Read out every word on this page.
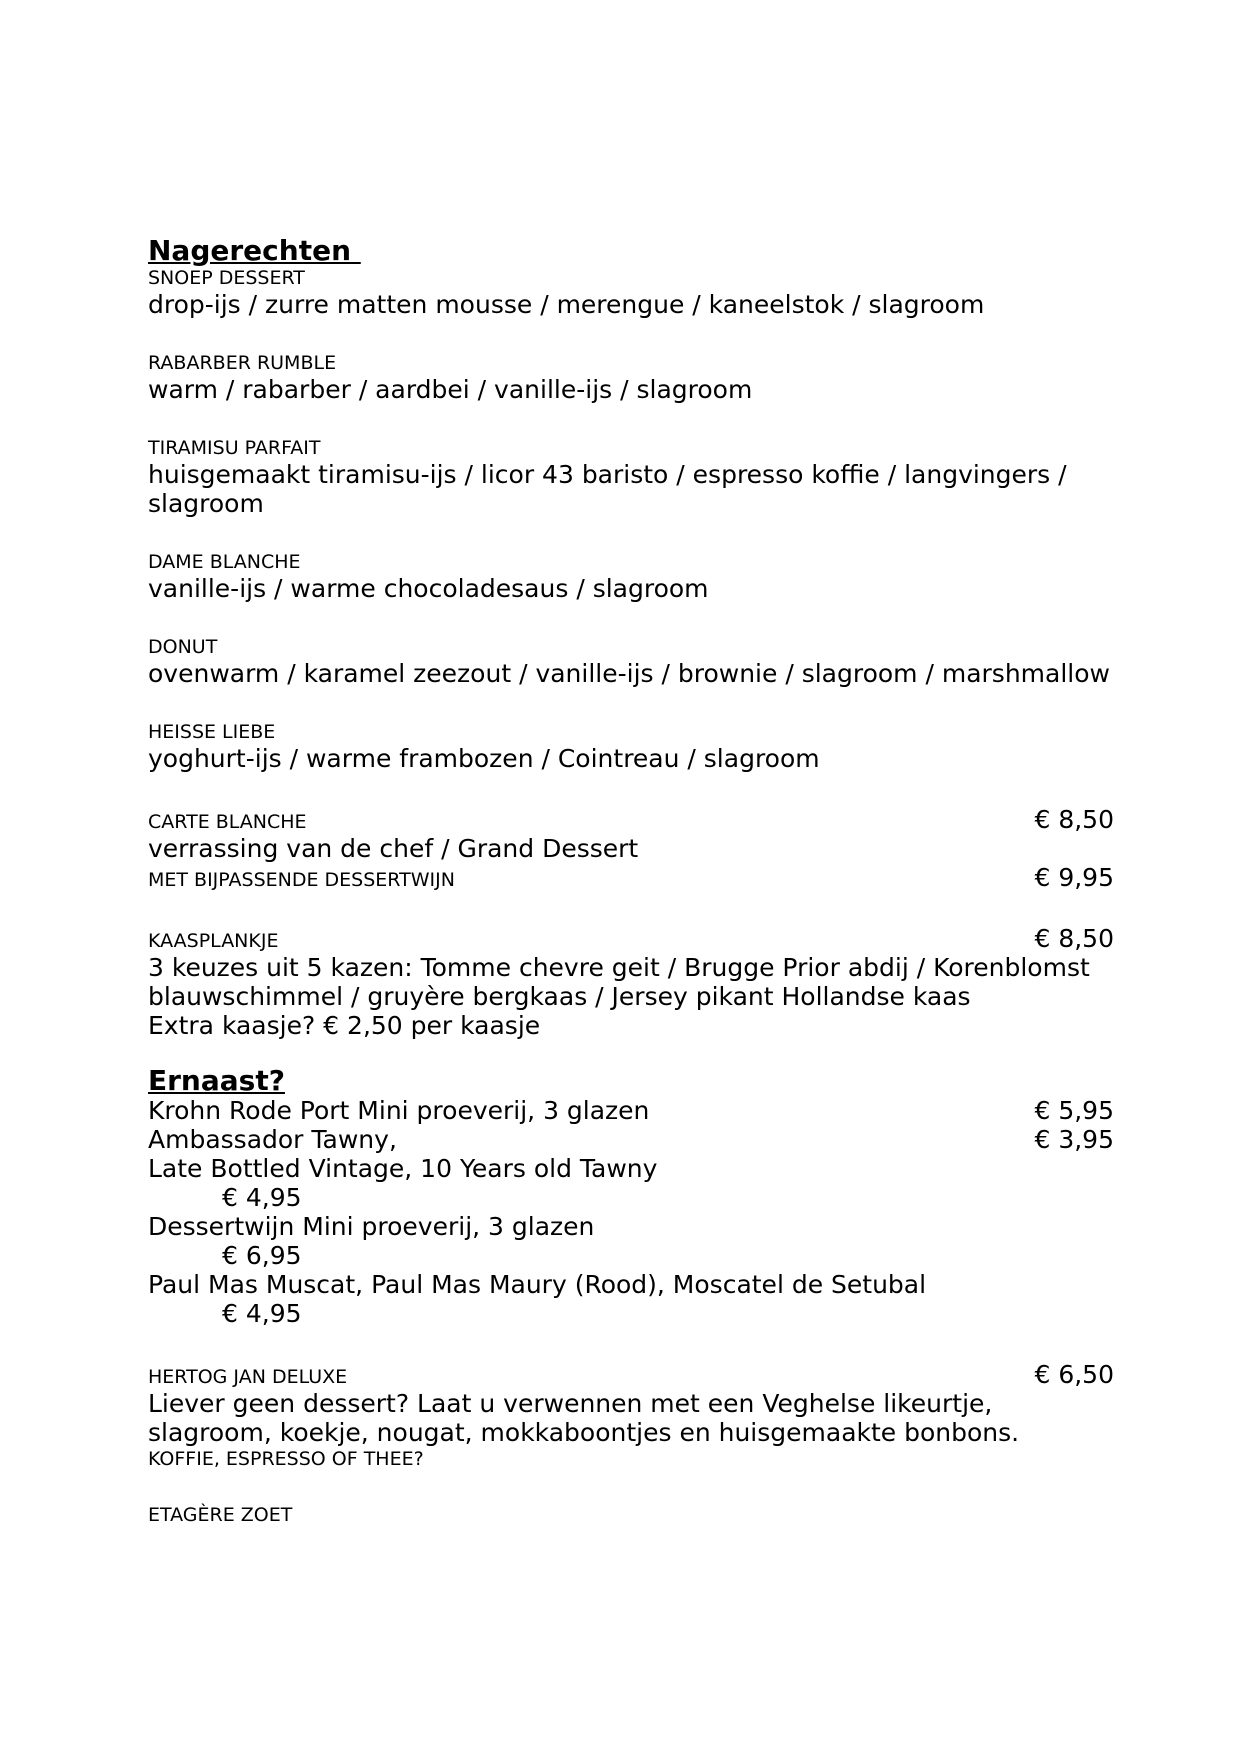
Nagerechten
SNOEP DESSERT
drop-ijs / zurre matten mousse / merengue / kaneelstok / slagroom
RABARBER RUMBLE
warm / rabarber / aardbei / vanille-ijs / slagroom
TIRAMISU PARFAIT
huisgemaakt tiramisu-ijs / licor 43 baristo / espresso koffie / langvingers /
slagroom
DAME BLANCHE
vanille-ijs / warme chocoladesaus / slagroom
DONUT
ovenwarm / karamel zeezout / vanille-ijs / brownie / slagroom / marshmallow
HEISSE LIEBE
yoghurt-ijs / warme frambozen / Cointreau / slagroom
CARTE BLANCHE	€ 8,50
verrassing van de chef / Grand Dessert
MET BIJPASSENDE DESSERTWIJN	€ 9,95
KAASPLANKJE	€ 8,50
3 keuzes uit 5 kazen: Tomme chevre geit / Brugge Prior abdij / Korenblomst
blauwschimmel / gruyère bergkaas / Jersey pikant Hollandse kaas
Extra kaasje? € 2,50 per kaasje
Ernaast?
Krohn Rode Port Mini proeverij, 3 glazen	€ 5,95
Ambassador Tawny,	€ 3,95
Late Bottled Vintage, 10 Years old Tawny
€ 4,95
Dessertwijn Mini proeverij, 3 glazen
€ 6,95
Paul Mas Muscat, Paul Mas Maury (Rood), Moscatel de Setubal
€ 4,95
HERTOG JAN DELUXE	€ 6,50
Liever geen dessert? Laat u verwennen met een Veghelse likeurtje,
slagroom, koekje, nougat, mokkaboontjes en huisgemaakte bonbons.
KOFFIE, ESPRESSO OF THEE?
ETAGÈRE ZOET
